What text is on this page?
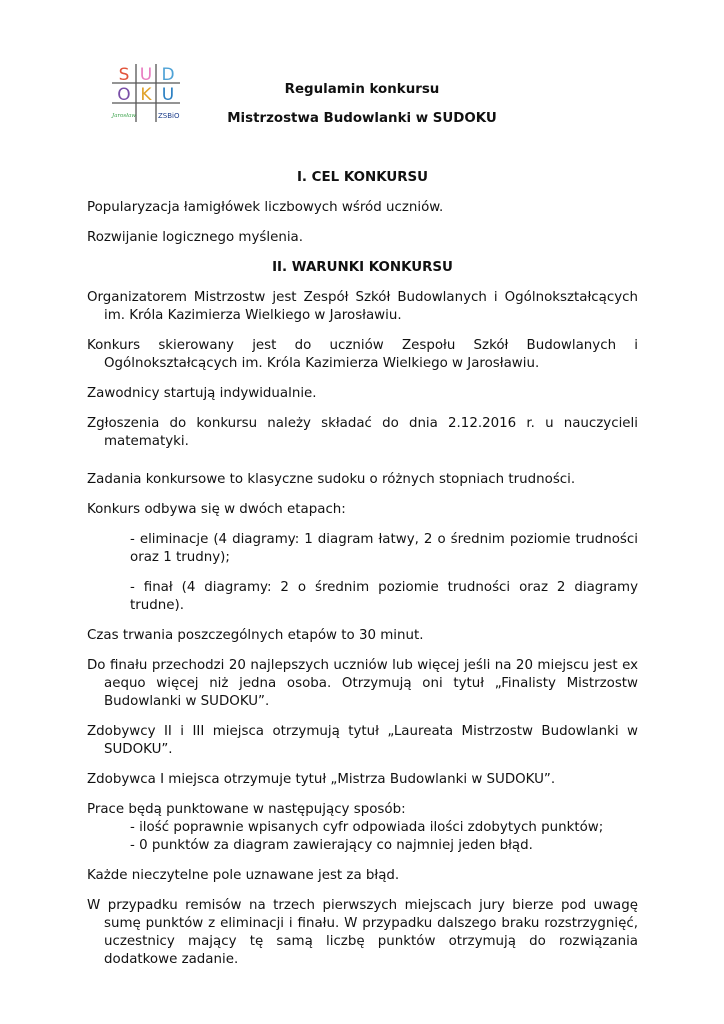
S U D
O K U
Jarosław	ZSBiO
Regulamin konkursu
Mistrzostwa Budowlanki w SUDOKU
I. CEL KONKURSU
Popularyzacja łamigłówek liczbowych wśród uczniów.
Rozwijanie logicznego myślenia.
II. WARUNKI KONKURSU
Organizatorem Mistrzostw jest Zespół Szkół Budowlanych i Ogólnokształcących im. Króla Kazimierza Wielkiego w Jarosławiu.
Konkurs skierowany jest do uczniów Zespołu Szkół Budowlanych i Ogólnokształcących im. Króla Kazimierza Wielkiego w Jarosławiu.
Zawodnicy startują indywidualnie.
Zgłoszenia do konkursu należy składać do dnia 2.12.2016 r. u nauczycieli matematyki.
Zadania konkursowe to klasyczne sudoku o różnych stopniach trudności.
Konkurs odbywa się w dwóch etapach:
- eliminacje (4 diagramy: 1 diagram łatwy, 2 o średnim poziomie trudności oraz 1 trudny);
- finał (4 diagramy: 2 o średnim poziomie trudności oraz 2 diagramy trudne).
Czas trwania poszczególnych etapów to 30 minut.
Do finału przechodzi 20 najlepszych uczniów lub więcej jeśli na 20 miejscu jest ex aequo więcej niż jedna osoba. Otrzymują oni tytuł „Finalisty Mistrzostw Budowlanki w SUDOKU”.
Zdobywcy II i III miejsca otrzymują tytuł „Laureata Mistrzostw Budowlanki w SUDOKU”.
Zdobywca I miejsca otrzymuje tytuł „Mistrza Budowlanki w SUDOKU”.
Prace będą punktowane w następujący sposób:
- ilość poprawnie wpisanych cyfr odpowiada ilości zdobytych punktów;
- 0 punktów za diagram zawierający co najmniej jeden błąd.
Każde nieczytelne pole uznawane jest za błąd.
W przypadku remisów na trzech pierwszych miejscach jury bierze pod uwagę sumę punktów z eliminacji i finału. W przypadku dalszego braku rozstrzygnięć, uczestnicy mający tę samą liczbę punktów otrzymują do rozwiązania dodatkowe zadanie.
